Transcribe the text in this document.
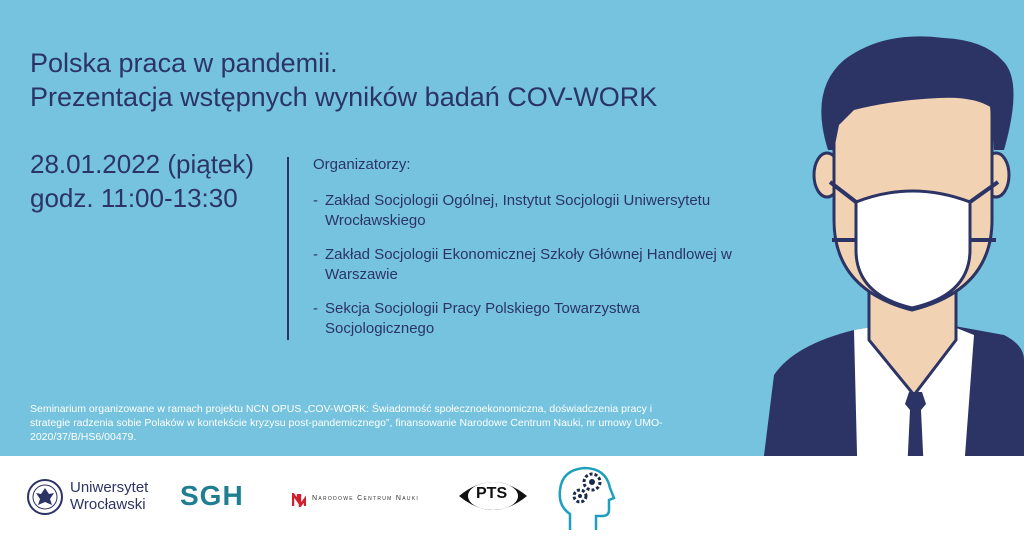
Polska praca w pandemii.
Prezentacja wstępnych wyników badań COV-WORK
28.01.2022 (piątek)
godz. 11:00-13:30
Organizatorzy:
- Zakład Socjologii Ogólnej, Instytut Socjologii Uniwersytetu Wrocławskiego
- Zakład Socjologii Ekonomicznej Szkoły Głównej Handlowej w Warszawie
- Sekcja Socjologii Pracy Polskiego Towarzystwa Socjologicznego
Seminarium organizowane w ramach projektu NCN OPUS „COV-WORK: Świadomość społecznoekonomiczna, doświadczenia pracy i strategie radzenia sobie Polaków w kontekście kryzysu post-pandemicznego”, finansowanie Narodowe Centrum Nauki, nr umowy UMO-2020/37/B/HS6/00479.
Uniwersytet
Wrocławski SGH	Narodowe Centrum Nauki	PTS
